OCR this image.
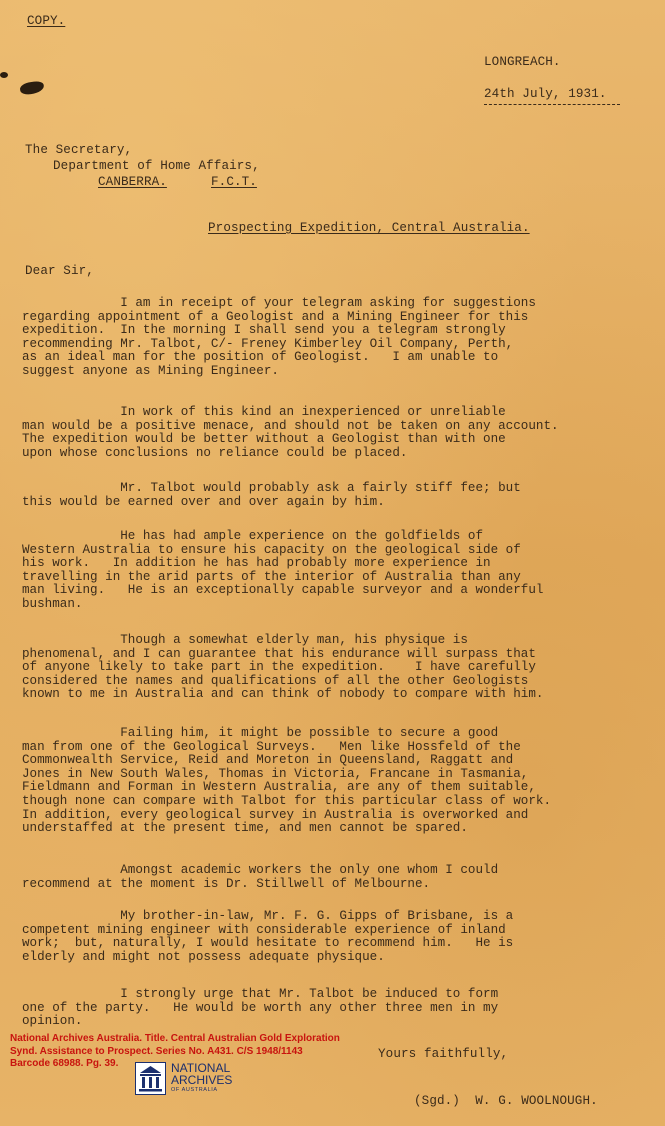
COPY.
LONGREACH.
24th July, 1931.
The Secretary,
Department of Home Affairs,
CANBERRA.	F.C.T.
Prospecting Expedition, Central Australia.
Dear Sir,
I am in receipt of your telegram asking for suggestions
regarding appointment of a Geologist and a Mining Engineer for this
expedition.  In the morning I shall send you a telegram strongly
recommending Mr. Talbot, C/- Freney Kimberley Oil Company, Perth,
as an ideal man for the position of Geologist.   I am unable to
suggest anyone as Mining Engineer.
In work of this kind an inexperienced or unreliable
man would be a positive menace, and should not be taken on any account.
The expedition would be better without a Geologist than with one
upon whose conclusions no reliance could be placed.
Mr. Talbot would probably ask a fairly stiff fee; but
this would be earned over and over again by him.
He has had ample experience on the goldfields of
Western Australia to ensure his capacity on the geological side of
his work.   In addition he has had probably more experience in
travelling in the arid parts of the interior of Australia than any
man living.   He is an exceptionally capable surveyor and a wonderful
bushman.
Though a somewhat elderly man, his physique is
phenomenal, and I can guarantee that his endurance will surpass that
of anyone likely to take part in the expedition.    I have carefully
considered the names and qualifications of all the other Geologists
known to me in Australia and can think of nobody to compare with him.
Failing him, it might be possible to secure a good
man from one of the Geological Surveys.   Men like Hossfeld of the
Commonwealth Service, Reid and Moreton in Queensland, Raggatt and
Jones in New South Wales, Thomas in Victoria, Francane in Tasmania,
Fieldmann and Forman in Western Australia, are any of them suitable,
though none can compare with Talbot for this particular class of work.
In addition, every geological survey in Australia is overworked and
understaffed at the present time, and men cannot be spared.
Amongst academic workers the only one whom I could
recommend at the moment is Dr. Stillwell of Melbourne.
My brother-in-law, Mr. F. G. Gipps of Brisbane, is a
competent mining engineer with considerable experience of inland
work;  but, naturally, I would hesitate to recommend him.   He is
elderly and might not possess adequate physique.
I strongly urge that Mr. Talbot be induced to form
one of the party.   He would be worth any other three men in my
opinion.
Yours faithfully,
(Sgd.)  W. G. WOOLNOUGH.
National Archives Australia. Title. Central Australian Gold Exploration
Synd. Assistance to Prospect. Series No. A431. C/S 1948/1143
Barcode 68988. Pg. 39.	NATIONAL
ARCHIVES
OF AUSTRALIA
